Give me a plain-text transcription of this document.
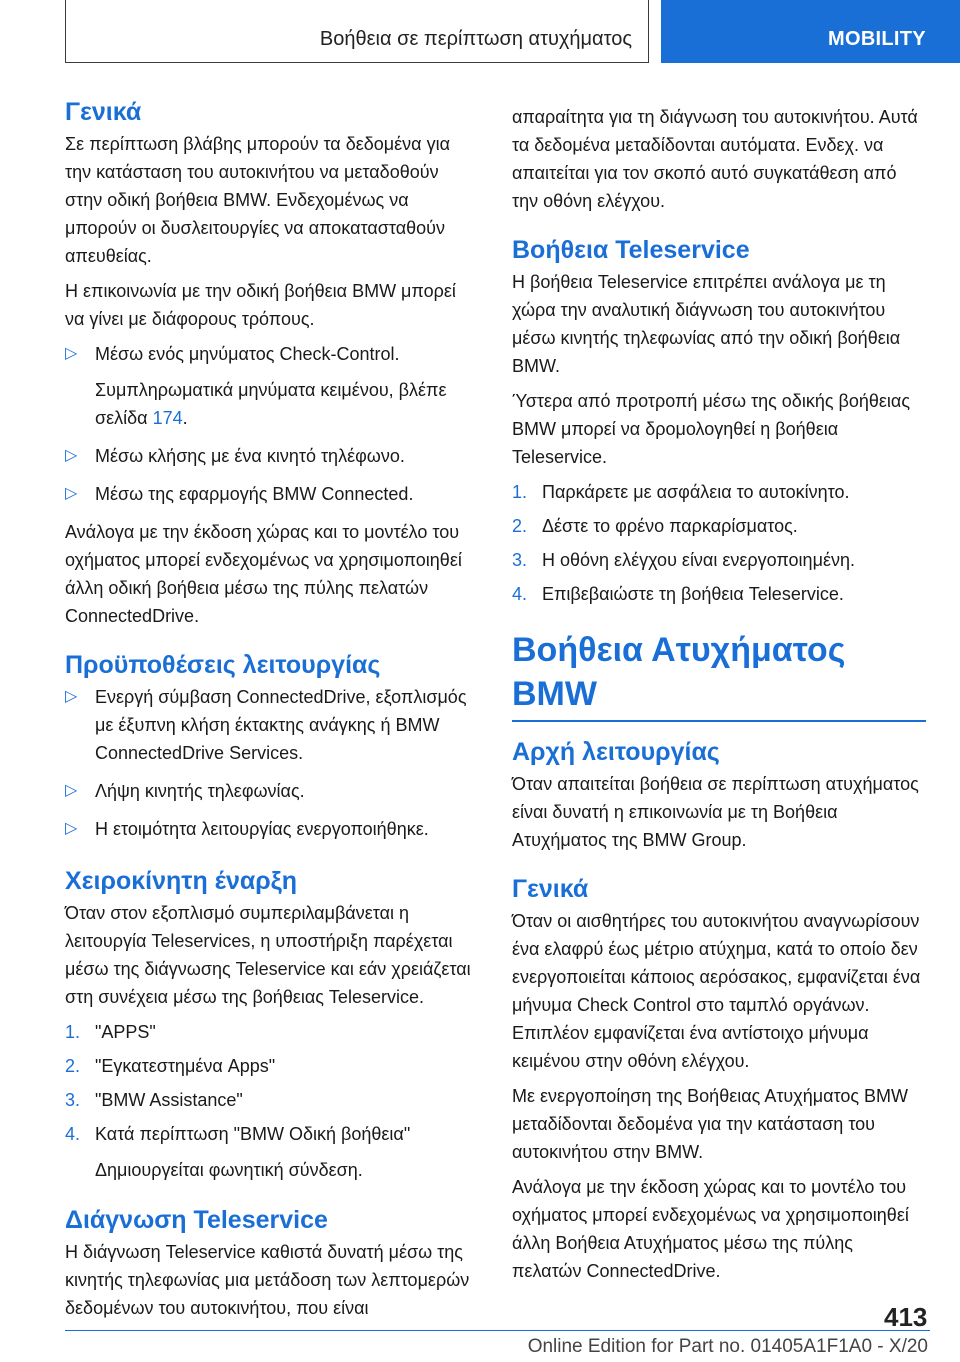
Βοήθεια σε περίπτωση ατυχήματος	MOBILITY
Γενικά

Σε περίπτωση βλάβης μπορούν τα δεδομένα για την κατάσταση του αυτοκινήτου να μεταδοθούν στην οδική βοήθεια BMW. Ενδεχομένως να μπορούν οι δυσλειτουργίες να αποκατασταθούν απευθείας.

Η επικοινωνία με την οδική βοήθεια BMW μπορεί να γίνει με διάφορους τρόπους.

▷ Μέσω ενός μηνύματος Check-Control.
Συμπληρωματικά μηνύματα κειμένου, βλέπε σελίδα 174.
▷ Μέσω κλήσης με ένα κινητό τηλέφωνο.
▷ Μέσω της εφαρμογής BMW Connected.

Ανάλογα με την έκδοση χώρας και το μοντέλο του οχήματος μπορεί ενδεχομένως να χρησιμοποιηθεί άλλη οδική βοήθεια μέσω της πύλης πελατών ConnectedDrive.

Προϋποθέσεις λειτουργίας
▷ Ενεργή σύμβαση ConnectedDrive, εξοπλισμός με έξυπνη κλήση έκτακτης ανάγκης ή BMW ConnectedDrive Services.
▷ Λήψη κινητής τηλεφωνίας.
▷ Η ετοιμότητα λειτουργίας ενεργοποιήθηκε.
Χειροκίνητη έναρξη

Όταν στον εξοπλισμό συμπεριλαμβάνεται η λειτουργία Teleservices, η υποστήριξη παρέχεται μέσω της διάγνωσης Teleservice και εάν χρειάζεται στη συνέχεια μέσω της βοήθειας Teleservice.

1. "APPS"
2. "Εγκατεστημένα Apps"
3. "BMW Assistance"
4. Κατά περίπτωση "BMW Οδική βοήθεια"
Δημιουργείται φωνητική σύνδεση.
Διάγνωση Teleservice

Η διάγνωση Teleservice καθιστά δυνατή μέσω της κινητής τηλεφωνίας μια μετάδοση των λεπτομερών δεδομένων του αυτοκινήτου, που είναι

απαραίτητα για τη διάγνωση του αυτοκινήτου. Αυτά τα δεδομένα μεταδίδονται αυτόματα. Ενδεχ. να απαιτείται για τον σκοπό αυτό συγκατάθεση από την οθόνη ελέγχου.

Βοήθεια Teleservice

Η βοήθεια Teleservice επιτρέπει ανάλογα με τη χώρα την αναλυτική διάγνωση του αυτοκινήτου μέσω κινητής τηλεφωνίας από την οδική βοήθεια BMW.

Ύστερα από προτροπή μέσω της οδικής βοήθειας BMW μπορεί να δρομολογηθεί η βοήθεια Teleservice.

1. Παρκάρετε με ασφάλεια το αυτοκίνητο.
2. Δέστε το φρένο παρκαρίσματος.
3. Η οθόνη ελέγχου είναι ενεργοποιημένη.
4. Επιβεβαιώστε τη βοήθεια Teleservice.
Βοήθεια Ατυχήματος BMW
Αρχή λειτουργίας

Όταν απαιτείται βοήθεια σε περίπτωση ατυχήματος είναι δυνατή η επικοινωνία με τη Βοήθεια Ατυχήματος της BMW Group.

Γενικά

Όταν οι αισθητήρες του αυτοκινήτου αναγνωρίσουν ένα ελαφρύ έως μέτριο ατύχημα, κατά το οποίο δεν ενεργοποιείται κάποιος αερόσακος, εμφανίζεται ένα μήνυμα Check Control στο ταμπλό οργάνων. Επιπλέον εμφανίζεται ένα αντίστοιχο μήνυμα κειμένου στην οθόνη ελέγχου.

Με ενεργοποίηση της Βοήθειας Ατυχήματος BMW μεταδίδονται δεδομένα για την κατάσταση του αυτοκινήτου στην BMW.

Ανάλογα με την έκδοση χώρας και το μοντέλο του οχήματος μπορεί ενδεχομένως να χρησιμοποιηθεί άλλη Βοήθεια Ατυχήματος μέσω της πύλης πελατών ConnectedDrive.

413
Online Edition for Part no. 01405A1F1A0 - X/20
